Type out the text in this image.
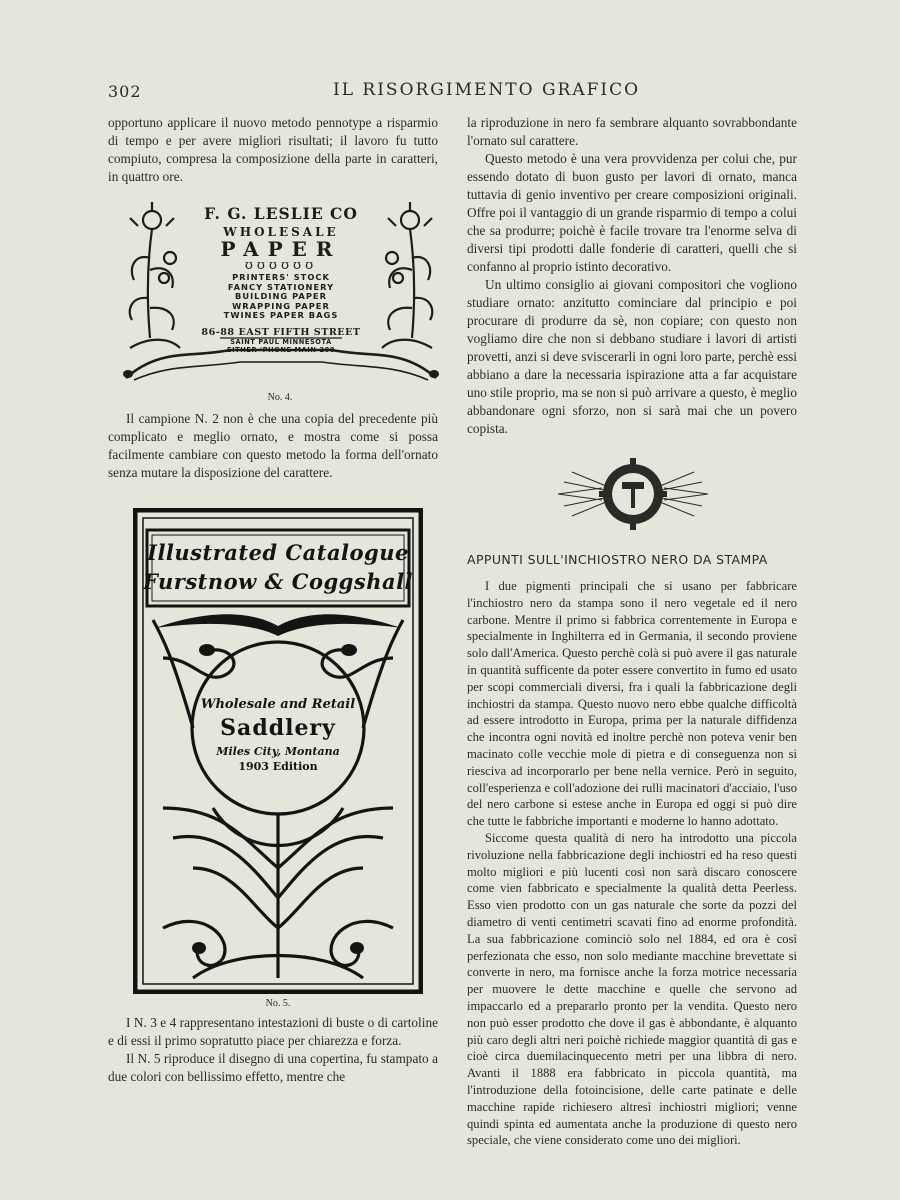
302	IL RISORGIMENTO GRAFICO

opportuno applicare il nuovo metodo pennotype a risparmio di tempo e per avere migliori risultati; il lavoro fu tutto compiuto, compresa la composizione della parte in caratteri, in quattro ore.

F. G. LESLIE CO
WHOLESALE
PAPER
ʊʊʊʊʊʊ
PRINTERS' STOCK
FANCY STATIONERY
BUILDING PAPER
WRAPPING PAPER
TWINES PAPER BAGS
86-88 EAST FIFTH STREET
SAINT PAUL MINNESOTA
EITHER 'PHONE MAIN 200
No. 4.

Il campione N. 2 non è che una copia del precedente più complicato e meglio ornato, e mostra come si possa facilmente cambiare con questo metodo la forma dell'ornato senza mutare la disposizione del carattere.

Illustrated Catalogue
Furstnow & Coggshall
Wholesale and Retail
Saddlery
Miles City, Montana
1903 Edition
No. 5.

I N. 3 e 4 rappresentano intestazioni di buste o di cartoline e di essi il primo sopratutto piace per chiarezza e forza.

Il N. 5 riproduce il disegno di una copertina, fu stampato a due colori con bellissimo effetto, mentre che

la riproduzione in nero fa sembrare alquanto sovrabbondante l'ornato sul carattere.

Questo metodo è una vera provvidenza per colui che, pur essendo dotato di buon gusto per lavori di ornato, manca tuttavia di genio inventivo per creare composizioni originali. Offre poi il vantaggio di un grande risparmio di tempo a colui che sa produrre; poichè è facile trovare tra l'enorme selva di diversi tipi prodotti dalle fonderie di caratteri, quelli che si confanno al proprio istinto decorativo.

Un ultimo consiglio ai giovani compositori che vogliono studiare ornato: anzitutto cominciare dal principio e poi procurare di produrre da sè, non copiare; con questo non vogliamo dire che non si debbano studiare i lavori di artisti provetti, anzi si deve sviscerarli in ogni loro parte, perchè essi abbiano a dare la necessaria ispirazione atta a far acquistare uno stile proprio, ma se non si può arrivare a questo, è meglio abbandonare ogni sforzo, non si sarà mai che un povero copista.

APPUNTI SULL'INCHIOSTRO NERO DA STAMPA

I due pigmenti principali che si usano per fabbricare l'inchiostro nero da stampa sono il nero vegetale ed il nero carbone. Mentre il primo si fabbrica correntemente in Europa e specialmente in Inghilterra ed in Germania, il secondo proviene solo dall'America. Questo perchè colà si può avere il gas naturale in quantità sufficente da poter essere convertito in fumo ed usato per scopi commerciali diversi, fra i quali la fabbricazione degli inchiostri da stampa. Questo nuovo nero ebbe qualche difficoltà ad essere introdotto in Europa, prima per la naturale diffidenza che incontra ogni novità ed inoltre perchè non poteva venir ben macinato colle vecchie mole di pietra e di conseguenza non si riesciva ad incorporarlo per bene nella vernice. Però in seguito, coll'esperienza e coll'adozione dei rulli macinatori d'acciaio, l'uso del nero carbone si estese anche in Europa ed oggi si può dire che tutte le fabbriche importanti e moderne lo hanno adottato.

Siccome questa qualità di nero ha introdotto una piccola rivoluzione nella fabbricazione degli inchiostri ed ha reso questi molto migliori e più lucenti così non sarà discaro conoscere come vien fabbricato e specialmente la qualità detta Peerless. Esso vien prodotto con un gas naturale che sorte da pozzi del diametro di venti centimetri scavati fino ad enorme profondità. La sua fabbricazione cominciò solo nel 1884, ed ora è così perfezionata che esso, non solo mediante macchine brevettate si converte in nero, ma fornisce anche la forza motrice necessaria per muovere le dette macchine e quelle che servono ad impaccarlo ed a prepararlo pronto per la vendita. Questo nero non può esser prodotto che dove il gas è abbondante, è alquanto più caro degli altri neri poichè richiede maggior quantità di gas e cioè circa duemilacinquecento metri per una libbra di nero. Avanti il 1888 era fabbricato in piccola quantità, ma l'introduzione della fotoincisione, delle carte patinate e delle macchine rapide richiesero altresì inchiostri migliori; venne quindi spinta ed aumentata anche la produzione di questo nero speciale, che viene considerato come uno dei migliori.
